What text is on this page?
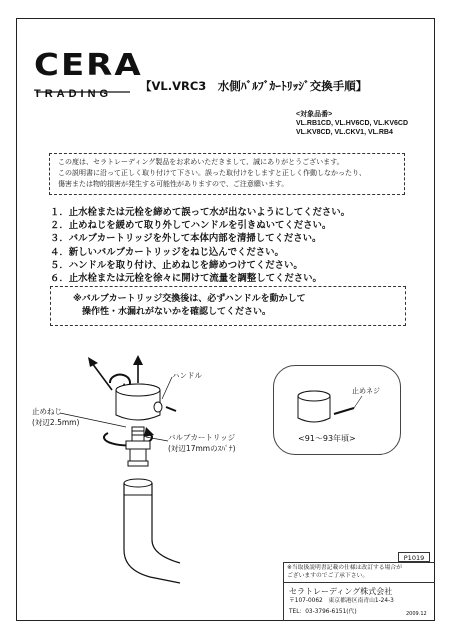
CERA
TRADING
【VL.VRC3　水側ﾊﾞﾙﾌﾞｶｰﾄﾘｯｼﾞ交換手順】
<対象品番>
VL.RB1CD, VL.HV6CD, VL.KV6CD
VL.KV8CD, VL.CKV1, VL.RB4
この度は、セラトレーディング製品をお求めいただきまして、誠にありがとうございます。
この説明書に沿って正しく取り付けて下さい。誤った取付けをしますと正しく作動しなかったり、
傷害または物的損害が発生する可能性がありますので、ご注意願います。
１．止水栓または元栓を締めて誤って水が出ないようにしてください。
２．止めねじを緩めて取り外してハンドルを引きぬいてください。
３．バルブカートリッジを外して本体内部を清掃してください。
４．新しいバルブカートリッジをねじ込んでください。
５．ハンドルを取り付け、止めねじを締めつけてください。
６．止水栓または元栓を徐々に開けて流量を調整してください。
※バルブカートリッジ交換後は、必ずハンドルを動かして
　操作性・水漏れがないかを確認してください。
ハンドル
止めねじ
(対辺2.5mm)
バルブカートリッジ
(対辺17mmのｽﾊﾟﾅ)
止めネジ
<91～93年頃>
P1019
※当取扱説明書記載の仕様は改訂する場合が
ございますのでご了承下さい。
セラトレーディング株式会社
〒107-0062　東京都港区南青山1-24-3
TEL：03-3796-6151(代)	2009.12
